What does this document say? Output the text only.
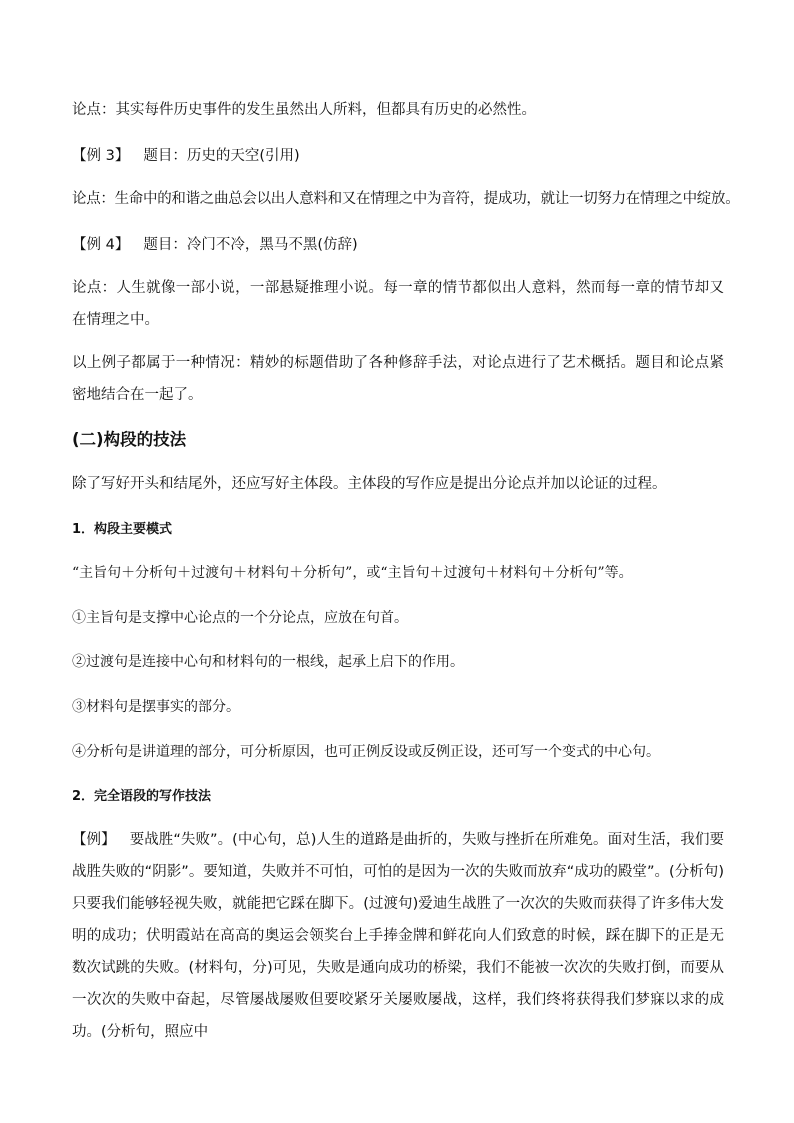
论点：其实每件历史事件的发生虽然出人所料，但都具有历史的必然性。
【例 3】 题目：历史的天空(引用)
论点：生命中的和谐之曲总会以出人意料和又在情理之中为音符，提成功，就让一切努力在情理之中绽放。
【例 4】 题目：冷门不冷，黑马不黑(仿辞)
论点：人生就像一部小说，一部悬疑推理小说。每一章的情节都似出人意料，然而每一章的情节却又在情理之中。
以上例子都属于一种情况：精妙的标题借助了各种修辞手法，对论点进行了艺术概括。题目和论点紧密地结合在一起了。
(二)构段的技法
除了写好开头和结尾外，还应写好主体段。主体段的写作应是提出分论点并加以论证的过程。
1．构段主要模式
“主旨句＋分析句＋过渡句＋材料句＋分析句”，或“主旨句＋过渡句＋材料句＋分析句”等。
①主旨句是支撑中心论点的一个分论点，应放在句首。
②过渡句是连接中心句和材料句的一根线，起承上启下的作用。
③材料句是摆事实的部分。
④分析句是讲道理的部分，可分析原因，也可正例反设或反例正设，还可写一个变式的中心句。
2．完全语段的写作技法
【例】 要战胜“失败”。(中心句，总)人生的道路是曲折的，失败与挫折在所难免。面对生活，我们要战胜失败的“阴影”。要知道，失败并不可怕，可怕的是因为一次的失败而放弃“成功的殿堂”。(分析句)只要我们能够轻视失败，就能把它踩在脚下。(过渡句)爱迪生战胜了一次次的失败而获得了许多伟大发明的成功；伏明霞站在高高的奥运会领奖台上手捧金牌和鲜花向人们致意的时候，踩在脚下的正是无数次试跳的失败。(材料句，分)可见，失败是通向成功的桥梁，我们不能被一次次的失败打倒，而要从一次次的失败中奋起，尽管屡战屡败但要咬紧牙关屡败屡战，这样，我们终将获得我们梦寐以求的成功。(分析句，照应中
